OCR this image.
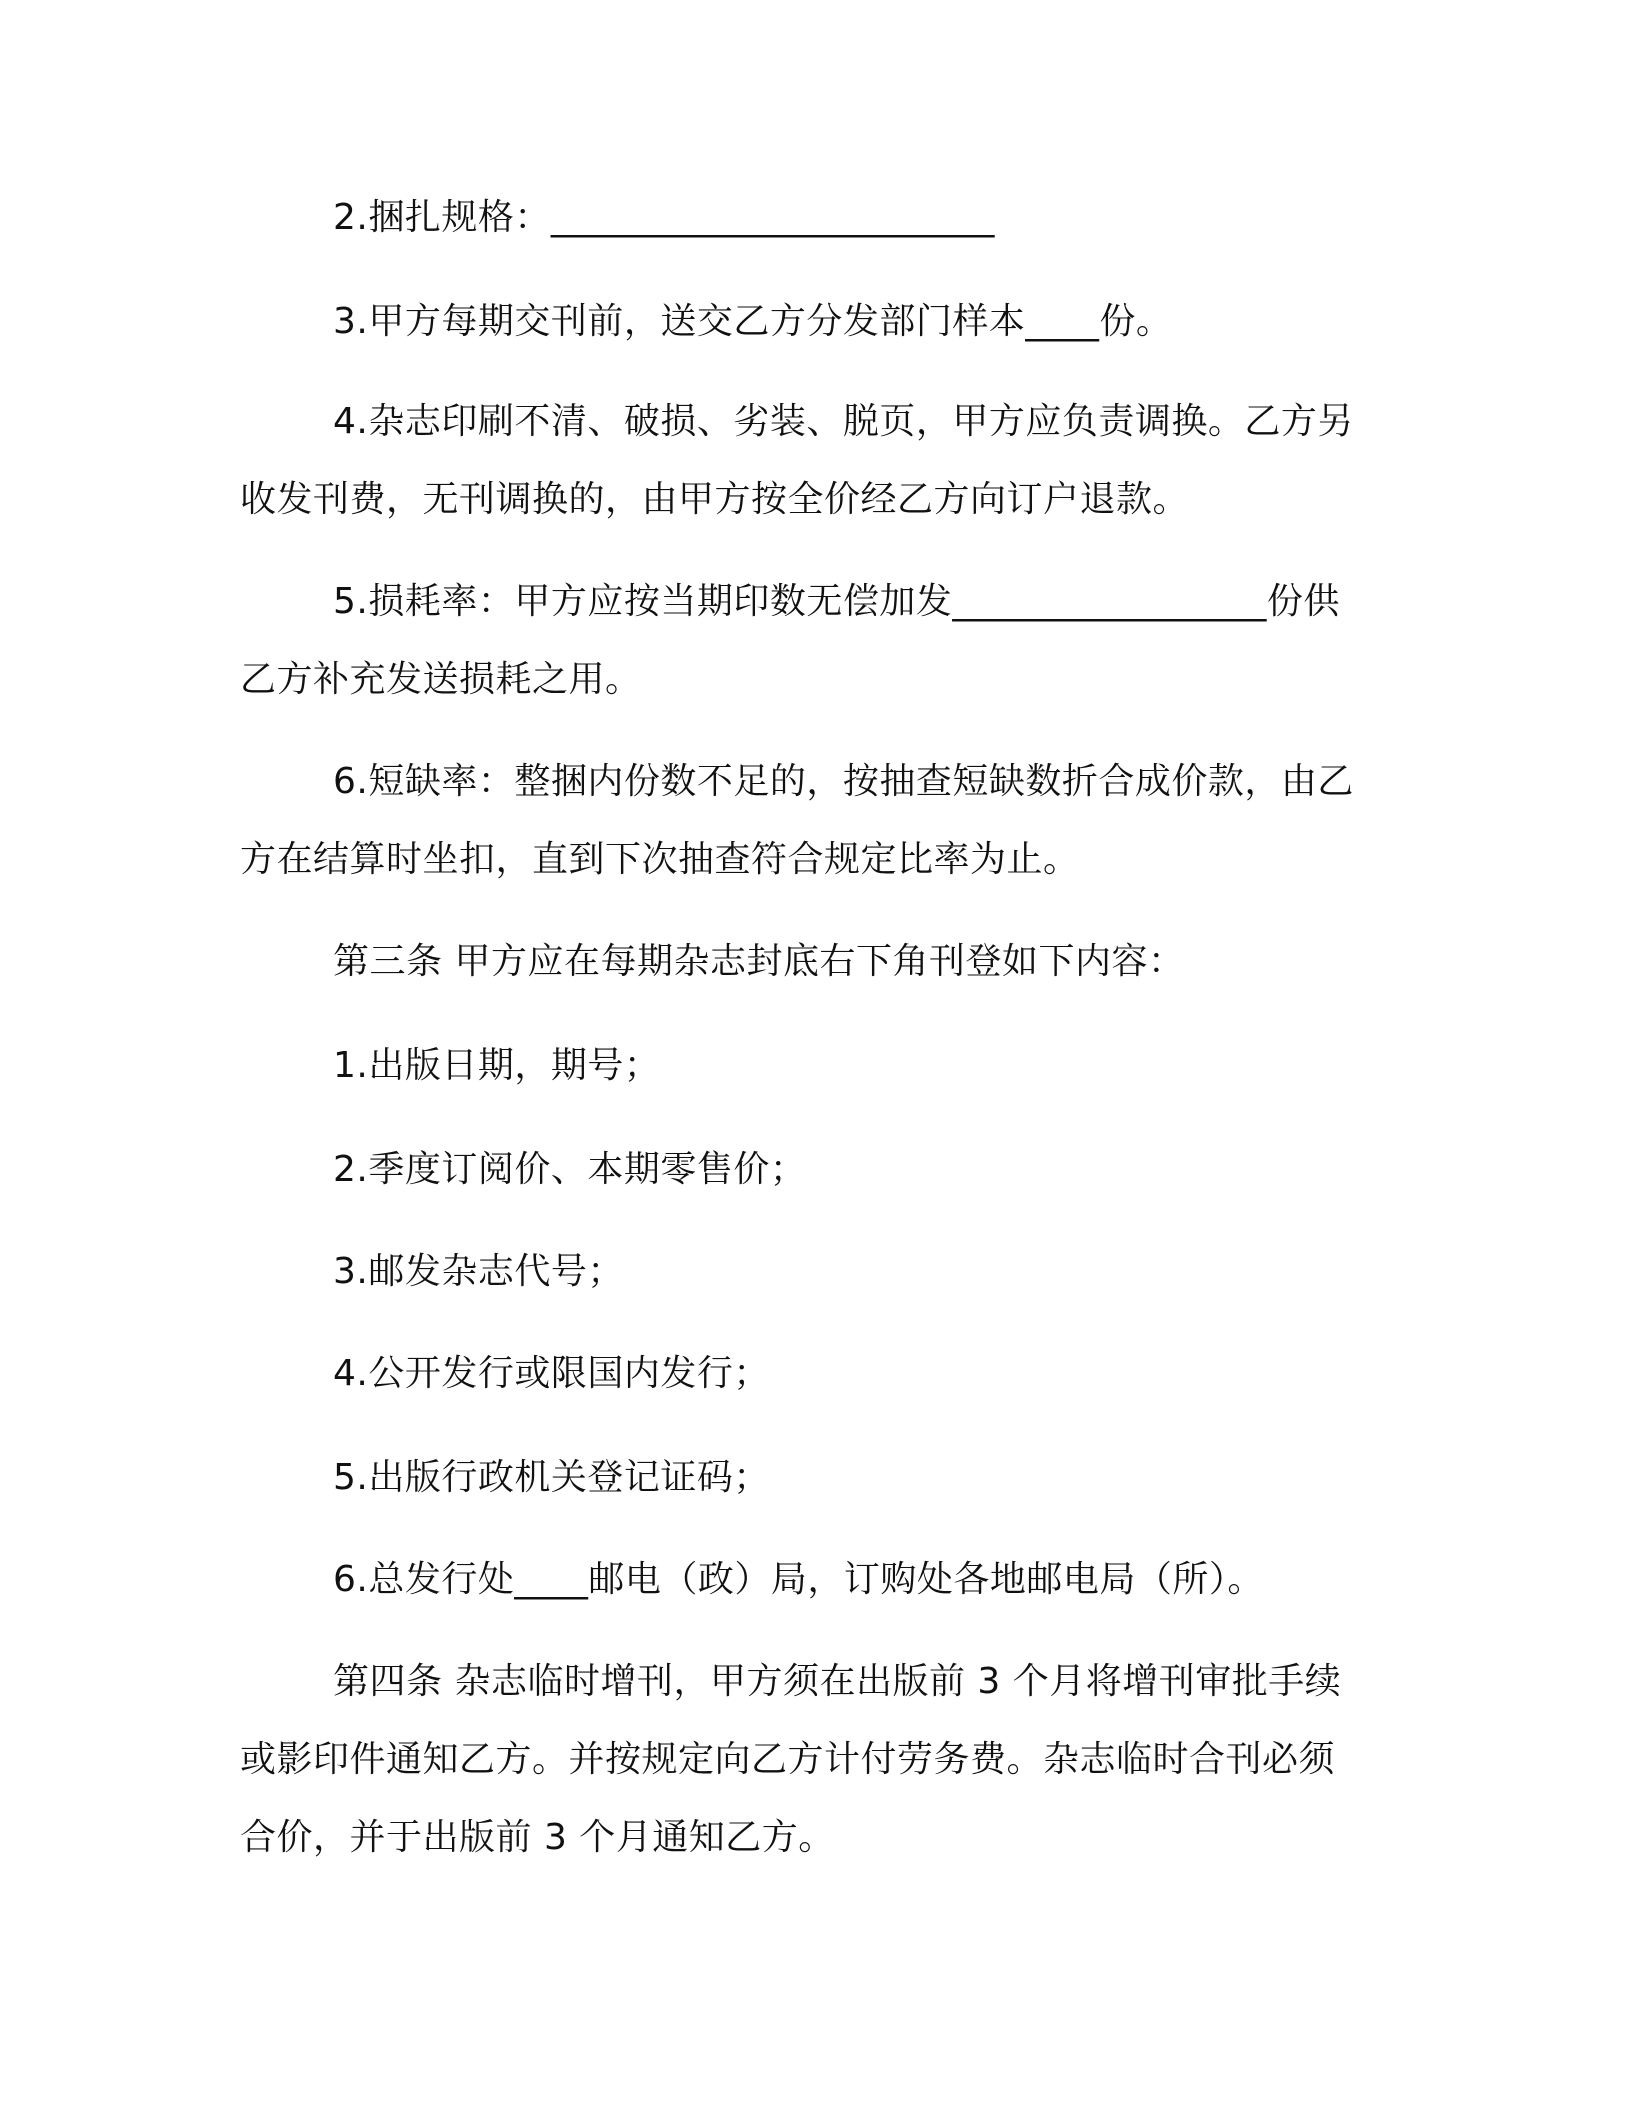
2.捆扎规格：________________________
3.甲方每期交刊前，送交乙方分发部门样本____份。
4.杂志印刷不清、破损、劣装、脱页，甲方应负责调换。乙方另
收发刊费，无刊调换的，由甲方按全价经乙方向订户退款。
5.损耗率：甲方应按当期印数无偿加发_________________份供
乙方补充发送损耗之用。
6.短缺率：整捆内份数不足的，按抽查短缺数折合成价款，由乙
方在结算时坐扣，直到下次抽查符合规定比率为止。
第三条 甲方应在每期杂志封底右下角刊登如下内容：
1.出版日期，期号；
2.季度订阅价、本期零售价；
3.邮发杂志代号；
4.公开发行或限国内发行；
5.出版行政机关登记证码；
6.总发行处____邮电（政）局，订购处各地邮电局（所）。
第四条 杂志临时增刊，甲方须在出版前 3 个月将增刊审批手续
或影印件通知乙方。并按规定向乙方计付劳务费。杂志临时合刊必须
合价，并于出版前 3 个月通知乙方。
